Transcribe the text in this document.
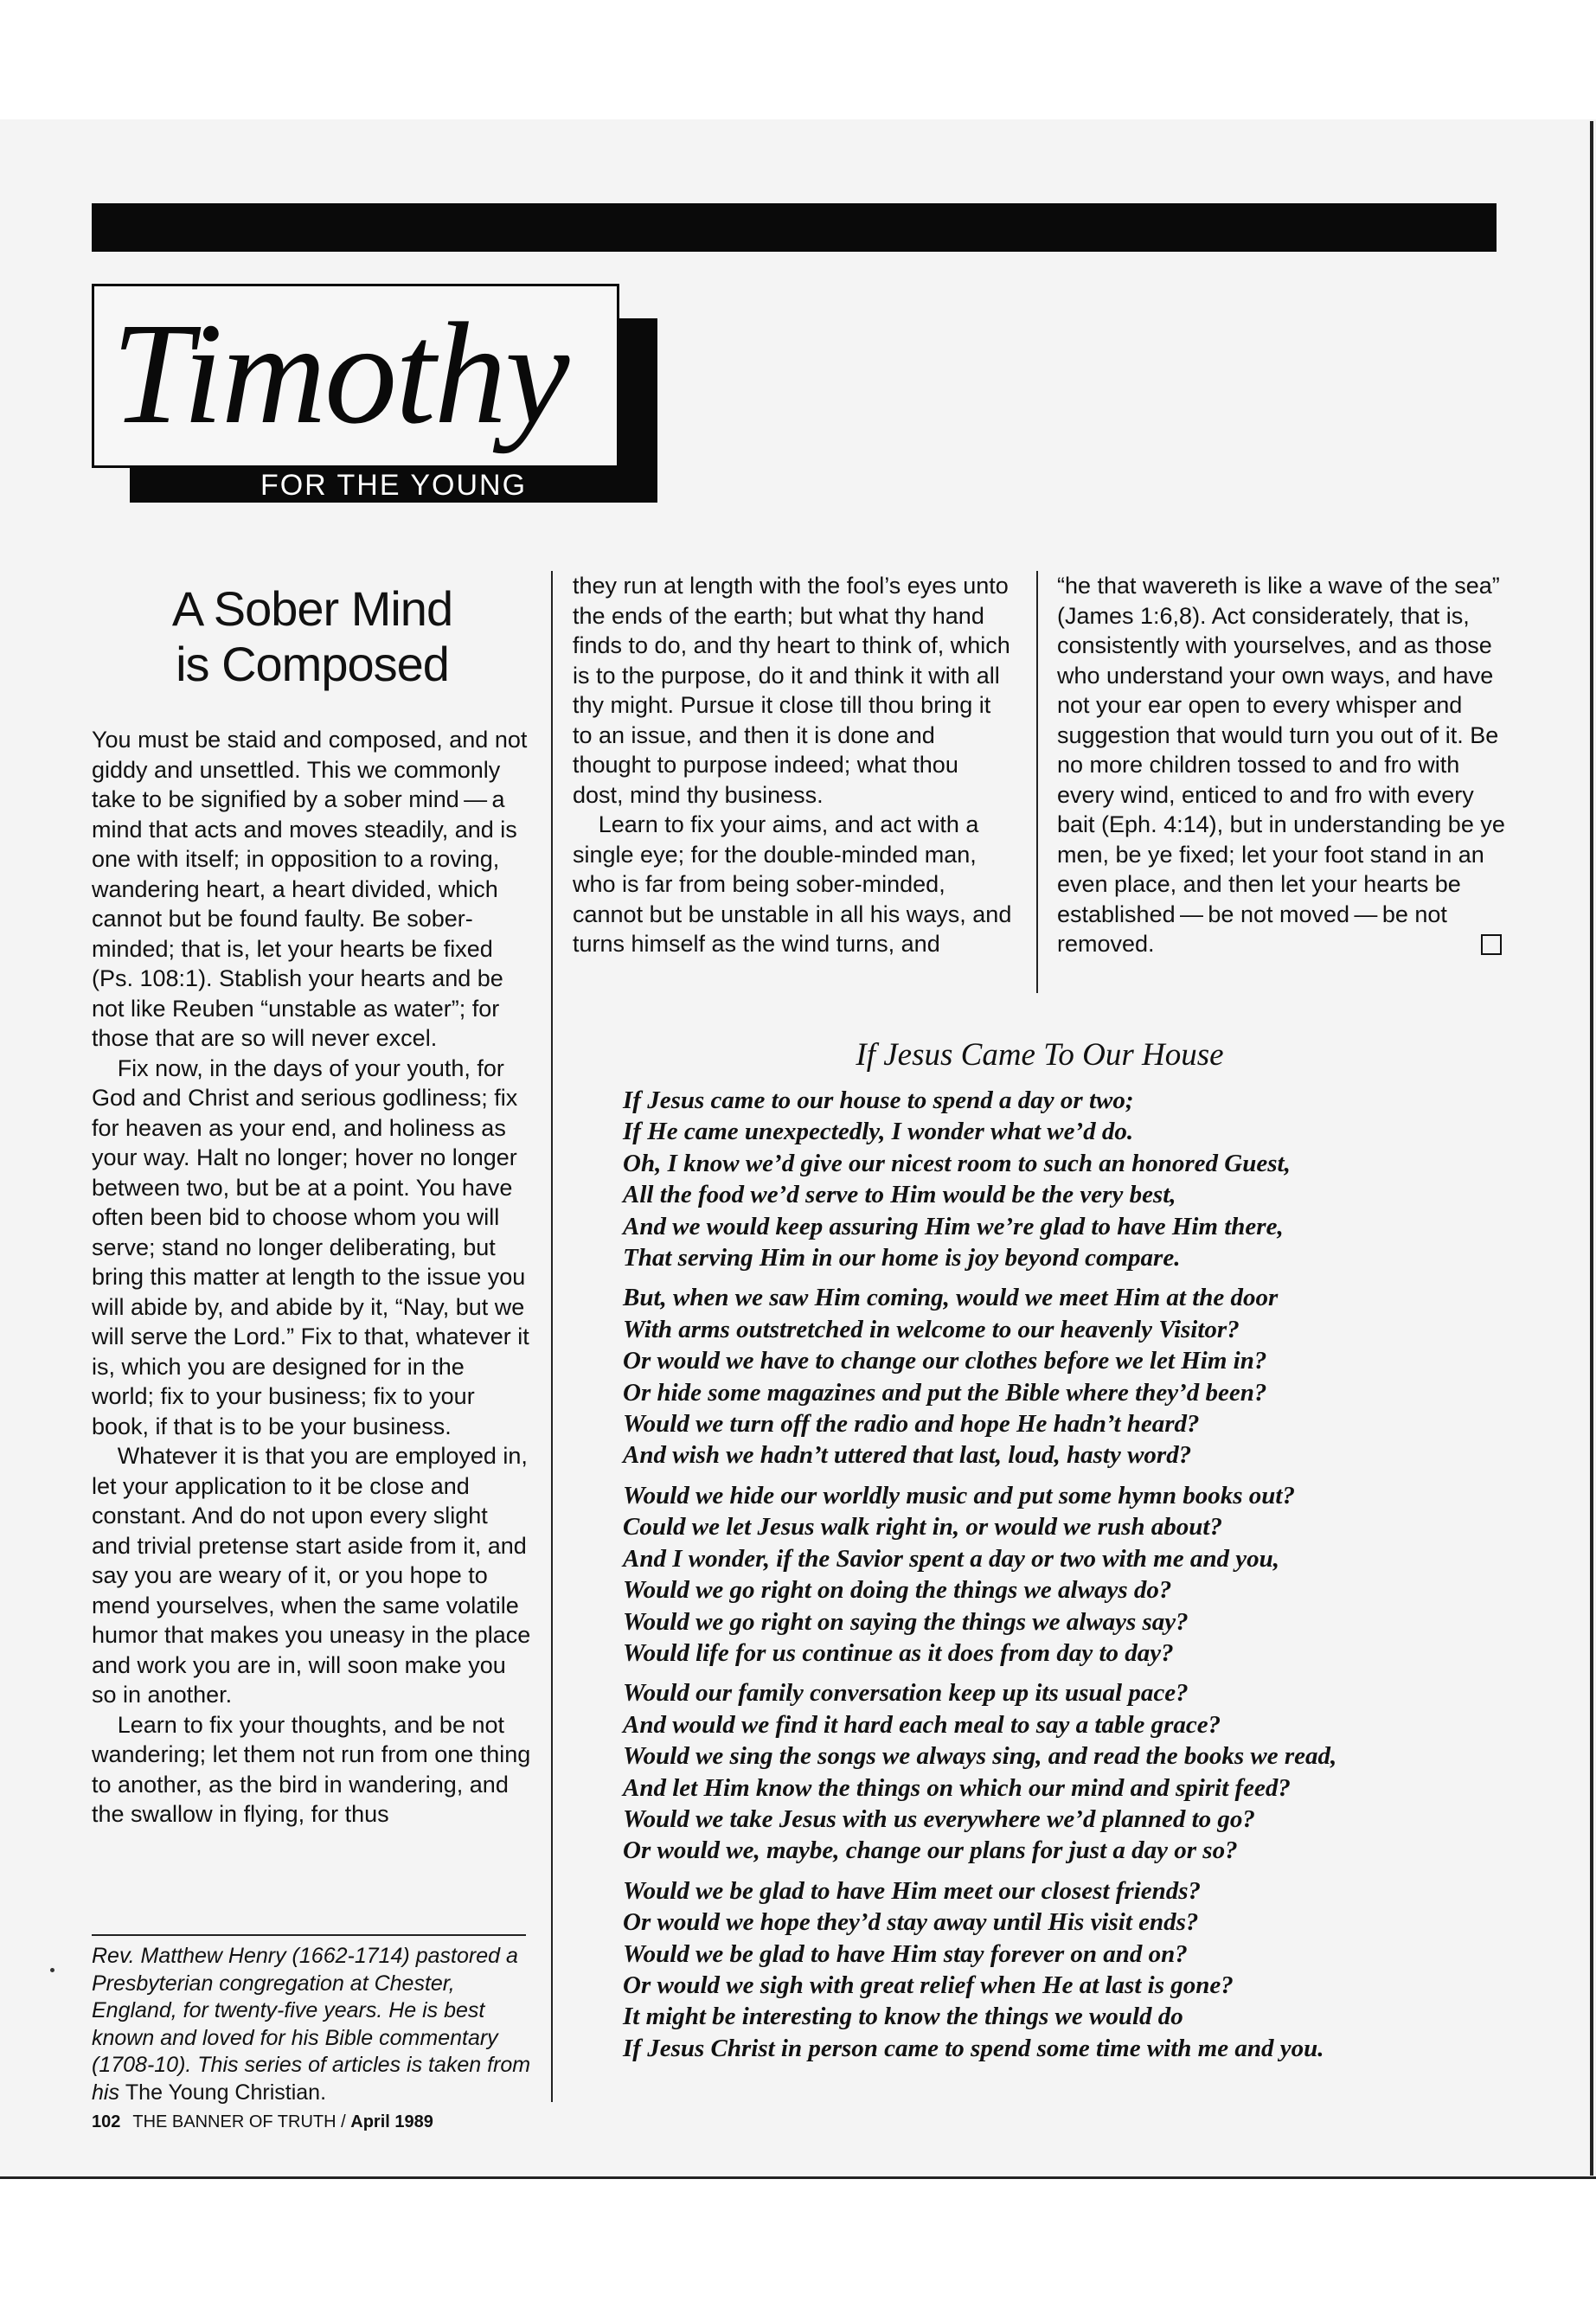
Timothy
FOR THE YOUNG
A Sober Mind
is Composed

You must be staid and composed, and not giddy and unsettled. This we commonly take to be signified by a sober mind — a mind that acts and moves steadily, and is one with itself; in opposition to a roving, wandering heart, a heart divided, which cannot but be found faulty. Be sober-minded; that is, let your hearts be fixed (Ps. 108:1). Stablish your hearts and be not like Reuben “unstable as water”; for those that are so will never excel.

Fix now, in the days of your youth, for God and Christ and serious godliness; fix for heaven as your end, and holiness as your way. Halt no longer; hover no longer between two, but be at a point. You have often been bid to choose whom you will serve; stand no longer deliberating, but bring this matter at length to the issue you will abide by, and abide by it, “Nay, but we will serve the Lord.” Fix to that, whatever it is, which you are designed for in the world; fix to your business; fix to your book, if that is to be your business.

Whatever it is that you are employed in, let your application to it be close and constant. And do not upon every slight and trivial pretense start aside from it, and say you are weary of it, or you hope to mend yourselves, when the same volatile humor that makes you uneasy in the place and work you are in, will soon make you so in another.

Learn to fix your thoughts, and be not wandering; let them not run from one thing to another, as the bird in wandering, and the swallow in flying, for thus

they run at length with the fool’s eyes unto the ends of the earth; but what thy hand finds to do, and thy heart to think of, which is to the purpose, do it and think it with all thy might. Pursue it close till thou bring it to an issue, and then it is done and thought to purpose indeed; what thou dost, mind thy business.

Learn to fix your aims, and act with a single eye; for the double-minded man, who is far from being sober-minded, cannot but be unstable in all his ways, and turns himself as the wind turns, and

“he that wavereth is like a wave of the sea” (James 1:6,8). Act considerately, that is, consistently with yourselves, and as those who understand your own ways, and have not your ear open to every whisper and suggestion that would turn you out of it. Be no more children tossed to and fro with every wind, enticed to and fro with every bait (Eph. 4:14), but in understanding be ye men, be ye fixed; let your foot stand in an even place, and then let your hearts be established — be not moved — be not removed.

Rev. Matthew Henry (1662-1714) pastored a Presbyterian congregation at Chester, England, for twenty-five years. He is best known and loved for his Bible commentary (1708-10). This series of articles is taken from his The Young Christian.
102 THE BANNER OF TRUTH / April 1989
If Jesus Came To Our House
If Jesus came to our house to spend a day or two;
If He came unexpectedly, I wonder what we’d do.
Oh, I know we’d give our nicest room to such an honored Guest,
All the food we’d serve to Him would be the very best,
And we would keep assuring Him we’re glad to have Him there,
That serving Him in our home is joy beyond compare.
But, when we saw Him coming, would we meet Him at the door
With arms outstretched in welcome to our heavenly Visitor?
Or would we have to change our clothes before we let Him in?
Or hide some magazines and put the Bible where they’d been?
Would we turn off the radio and hope He hadn’t heard?
And wish we hadn’t uttered that last, loud, hasty word?
Would we hide our worldly music and put some hymn books out?
Could we let Jesus walk right in, or would we rush about?
And I wonder, if the Savior spent a day or two with me and you,
Would we go right on doing the things we always do?
Would we go right on saying the things we always say?
Would life for us continue as it does from day to day?
Would our family conversation keep up its usual pace?
And would we find it hard each meal to say a table grace?
Would we sing the songs we always sing, and read the books we read,
And let Him know the things on which our mind and spirit feed?
Would we take Jesus with us everywhere we’d planned to go?
Or would we, maybe, change our plans for just a day or so?
Would we be glad to have Him meet our closest friends?
Or would we hope they’d stay away until His visit ends?
Would we be glad to have Him stay forever on and on?
Or would we sigh with great relief when He at last is gone?
It might be interesting to know the things we would do
If Jesus Christ in person came to spend some time with me and you.
